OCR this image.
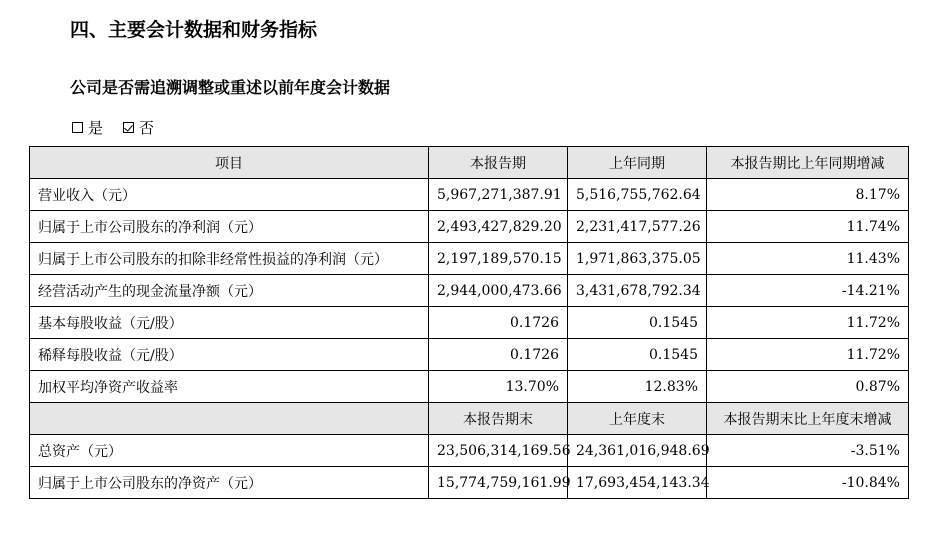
四、主要会计数据和财务指标
公司是否需追溯调整或重述以前年度会计数据
是 否
项目	本报告期	上年同期	本报告期比上年同期增减
营业收入（元）	5,967,271,387.91	5,516,755,762.64	8.17%
归属于上市公司股东的净利润（元）	2,493,427,829.20	2,231,417,577.26	11.74%
归属于上市公司股东的扣除非经常性损益的净利润（元）	2,197,189,570.15	1,971,863,375.05	11.43%
经营活动产生的现金流量净额（元）	2,944,000,473.66	3,431,678,792.34	-14.21%
基本每股收益（元/股）	0.1726	0.1545	11.72%
稀释每股收益（元/股）	0.1726	0.1545	11.72%
加权平均净资产收益率	13.70%	12.83%	0.87%
	本报告期末	上年度末	本报告期末比上年度末增减
总资产（元）	23,506,314,169.56	24,361,016,948.69	-3.51%
归属于上市公司股东的净资产（元）	15,774,759,161.99	17,693,454,143.34	-10.84%
